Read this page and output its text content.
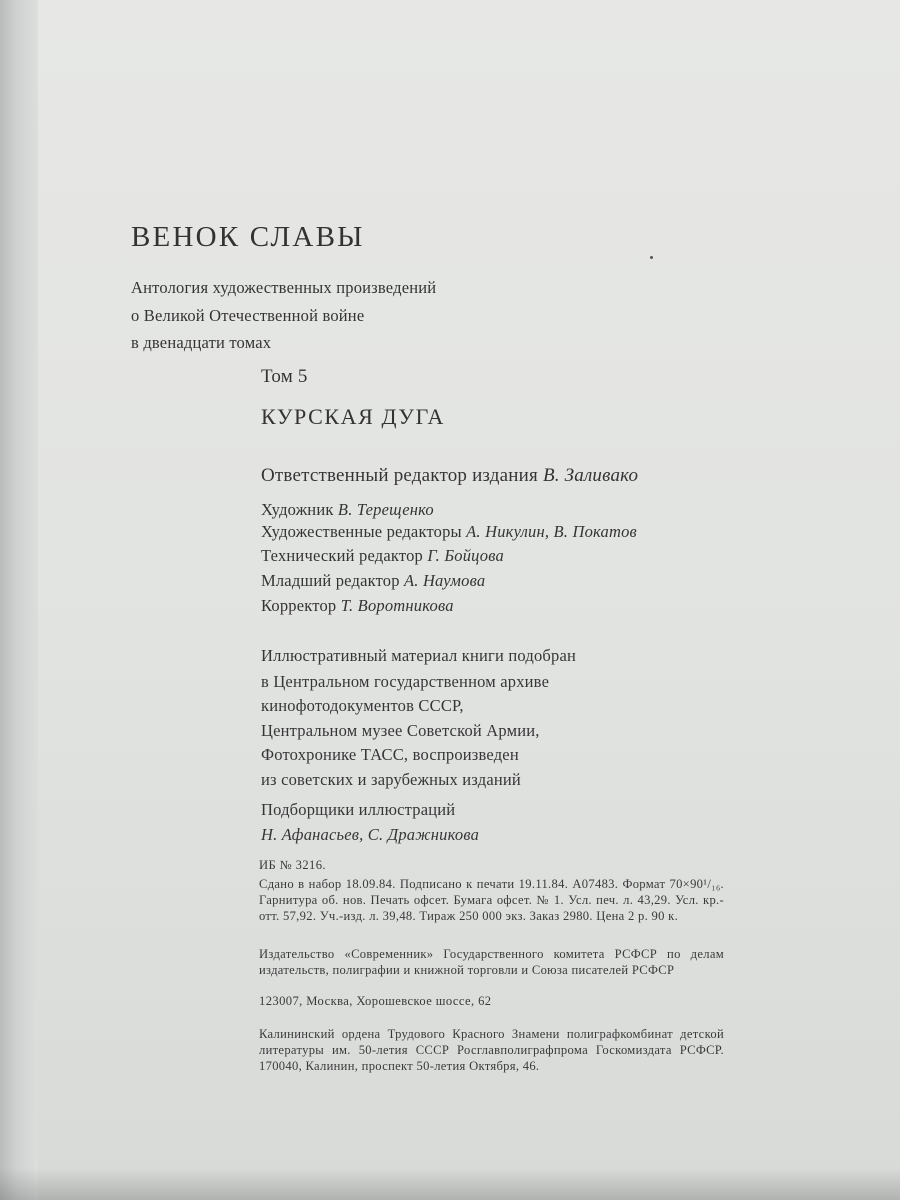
ВЕНОК СЛАВЫ

Антология художественных произведений

о Великой Отечественной войне

в двенадцати томах

Том 5

КУРСКАЯ ДУГА

Ответственный редактор издания В. Заливако

Художник В. Терещенко

Художественные редакторы А. Никулин, В. Покатов

Технический редактор Г. Бойцова

Младший редактор А. Наумова

Корректор Т. Воротникова

Иллюстративный материал книги подобран

в Центральном государственном архиве

кинофотодокументов СССР,

Центральном музее Советской Армии,

Фотохронике ТАСС, воспроизведен

из советских и зарубежных изданий

Подборщики иллюстраций

Н. Афанасьев, С. Дражникова

ИБ № 3216.

Сдано в набор 18.09.84. Подписано к печати 19.11.84. А07483. Формат 70×90¹/₁₆. Гарнитура об. нов. Печать офсет. Бумага офсет. № 1. Усл. печ. л. 43,29. Усл. кр.-отт. 57,92. Уч.-изд. л. 39,48. Тираж 250 000 экз. Заказ 2980. Цена 2 р. 90 к.

Издательство «Современник» Государственного комитета РСФСР по делам издательств, полиграфии и книжной торговли и Союза писателей РСФСР

123007, Москва, Хорошевское шоссе, 62

Калининский ордена Трудового Красного Знамени полиграфкомбинат детской литературы им. 50-летия СССР Росглавполиграфпрома Госкомиздата РСФСР. 170040, Калинин, проспект 50-летия Октября, 46.
